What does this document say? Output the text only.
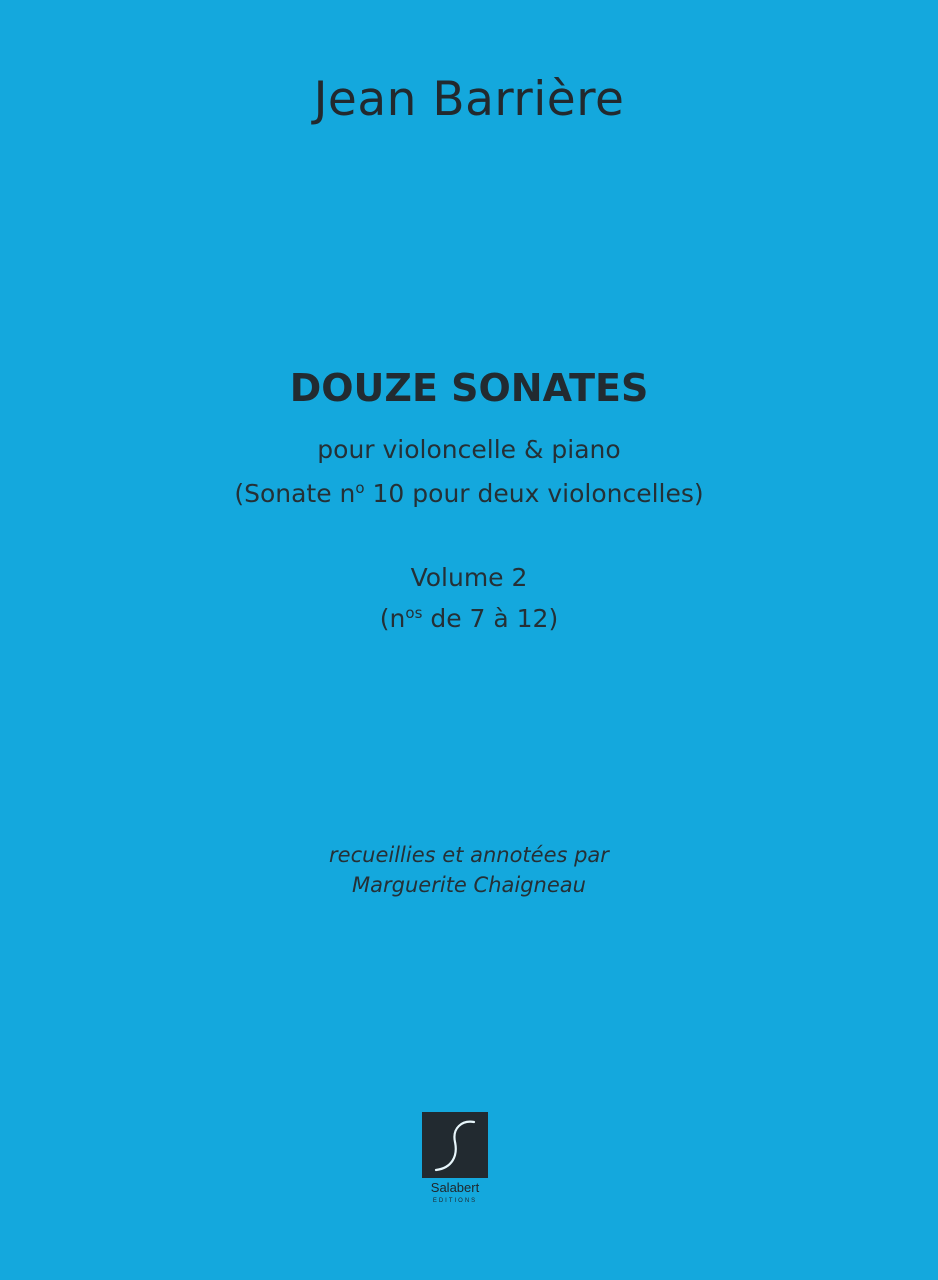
Jean Barrière
DOUZE SONATES
pour violoncelle & piano
(Sonate $n^o$ 10 pour deux violoncelles)
Volume 2
($n^{os}$ de 7 à 12)
recueillies et annotées par
Marguerite Chaigneau
Salabert
EDITIONS
